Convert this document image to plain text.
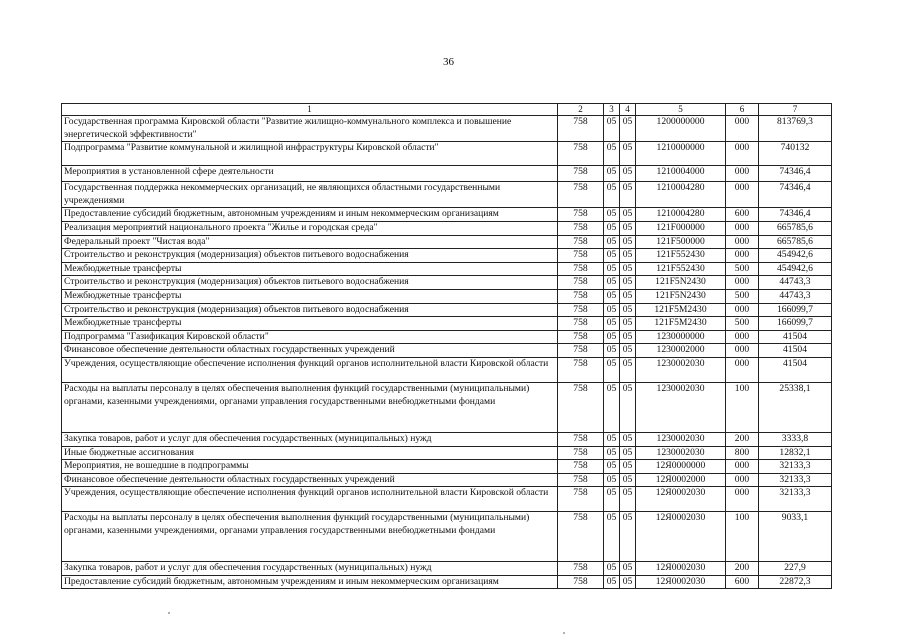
36
1	2	3	4	5	6	7
Государственная программа Кировской области "Развитие жилищно-коммунального комплекса и повышение энергетической эффективности"	758	05	05	1200000000	000	813769,3
Подпрограмма "Развитие коммунальной и жилищной инфраструктуры Кировской области"	758	05	05	1210000000	000	740132
Мероприятия в установленной сфере деятельности	758	05	05	1210004000	000	74346,4
Государственная поддержка некоммерческих организаций, не являющихся областными государственными учреждениями	758	05	05	1210004280	000	74346,4
Предоставление субсидий бюджетным, автономным учреждениям и иным некоммерческим организациям	758	05	05	1210004280	600	74346,4
Реализация мероприятий национального проекта "Жилье и городская среда"	758	05	05	121F000000	000	665785,6
Федеральный проект "Чистая вода"	758	05	05	121F500000	000	665785,6
Строительство и реконструкция (модернизация) объектов питьевого водоснабжения	758	05	05	121F552430	000	454942,6
Межбюджетные трансферты	758	05	05	121F552430	500	454942,6
Строительство и реконструкция (модернизация) объектов питьевого водоснабжения	758	05	05	121F5N2430	000	44743,3
Межбюджетные трансферты	758	05	05	121F5N2430	500	44743,3
Строительство и реконструкция (модернизация) объектов питьевого водоснабжения	758	05	05	121F5M2430	000	166099,7
Межбюджетные трансферты	758	05	05	121F5M2430	500	166099,7
Подпрограмма "Газификация Кировской области"	758	05	05	1230000000	000	41504
Финансовое обеспечение деятельности областных государственных учреждений	758	05	05	1230002000	000	41504
Учреждения, осуществляющие обеспечение исполнения функций органов исполнительной власти Кировской области	758	05	05	1230002030	000	41504
Расходы на выплаты персоналу в целях обеспечения выполнения функций государственными (муниципальными) органами, казенными учреждениями, органами управления государственными внебюджетными фондами	758	05	05	1230002030	100	25338,1
Закупка товаров, работ и услуг для обеспечения государственных (муниципальных) нужд	758	05	05	1230002030	200	3333,8
Иные бюджетные ассигнования	758	05	05	1230002030	800	12832,1
Мероприятия, не вошедшие в подпрограммы	758	05	05	12Я0000000	000	32133,3
Финансовое обеспечение деятельности областных государственных учреждений	758	05	05	12Я0002000	000	32133,3
Учреждения, осуществляющие обеспечение исполнения функций органов исполнительной власти Кировской области	758	05	05	12Я0002030	000	32133,3
Расходы на выплаты персоналу в целях обеспечения выполнения функций государственными (муниципальными) органами, казенными учреждениями, органами управления государственными внебюджетными фондами	758	05	05	12Я0002030	100	9033,1
Закупка товаров, работ и услуг для обеспечения государственных (муниципальных) нужд	758	05	05	12Я0002030	200	227,9
Предоставление субсидий бюджетным, автономным учреждениям и иным некоммерческим организациям	758	05	05	12Я0002030	600	22872,3
